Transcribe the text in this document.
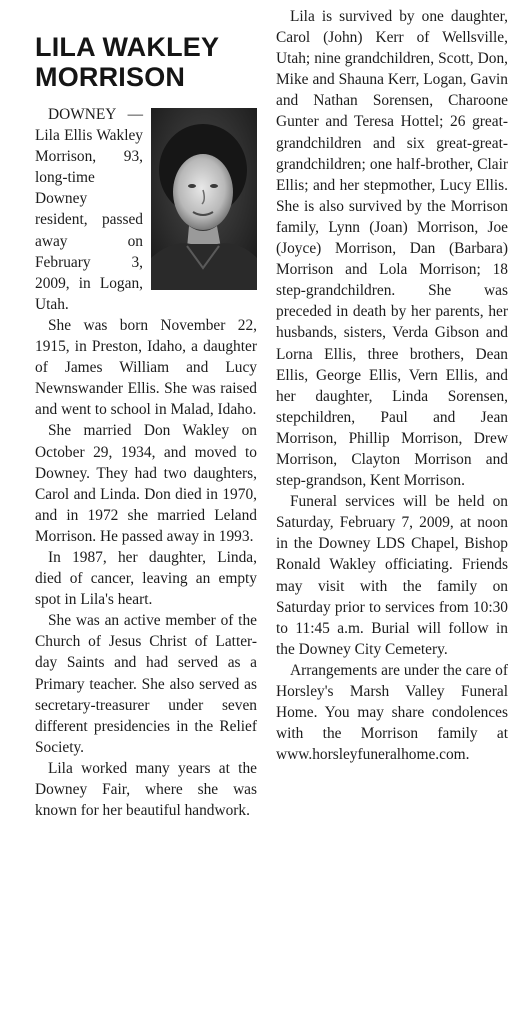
LILA WAKLEY MORRISON

DOWNEY — Lila Ellis Wakley Morrison, 93, long-time Downey resident, passed away on February 3, 2009, in Logan, Utah.

She was born November 22, 1915, in Preston, Idaho, a daughter of James William and Lucy Newnswander Ellis. She was raised and went to school in Malad, Idaho.

She married Don Wakley on October 29, 1934, and moved to Downey. They had two daughters, Carol and Linda. Don died in 1970, and in 1972 she married Leland Morrison. He passed away in 1993.

In 1987, her daughter, Linda, died of cancer, leaving an empty spot in Lila's heart.

She was an active member of the Church of Jesus Christ of Latter-day Saints and had served as a Primary teacher. She also served as secretary-treasurer under seven different presidencies in the Relief Society.

Lila worked many years at the Downey Fair, where she was known for her beautiful handwork.

Lila is survived by one daughter, Carol (John) Kerr of Wellsville, Utah; nine grandchildren, Scott, Don, Mike and Shauna Kerr, Logan, Gavin and Nathan Sorensen, Charoone Gunter and Teresa Hottel; 26 great-grandchildren and six great-great-grandchildren; one half-brother, Clair Ellis; and her stepmother, Lucy Ellis. She is also survived by the Morrison family, Lynn (Joan) Morrison, Joe (Joyce) Morrison, Dan (Barbara) Morrison and Lola Morrison; 18 step-grandchildren. She was preceded in death by her parents, her husbands, sisters, Verda Gibson and Lorna Ellis, three brothers, Dean Ellis, George Ellis, Vern Ellis, and her daughter, Linda Sorensen, stepchildren, Paul and Jean Morrison, Phillip Morrison, Drew Morrison, Clayton Morrison and step-grandson, Kent Morrison.

Funeral services will be held on Saturday, February 7, 2009, at noon in the Downey LDS Chapel, Bishop Ronald Wakley officiating. Friends may visit with the family on Saturday prior to services from 10:30 to 11:45 a.m. Burial will follow in the Downey City Cemetery.

Arrangements are under the care of Horsley's Marsh Valley Funeral Home. You may share condolences with the Morrison family at www.horsleyfuneralhome.com.
